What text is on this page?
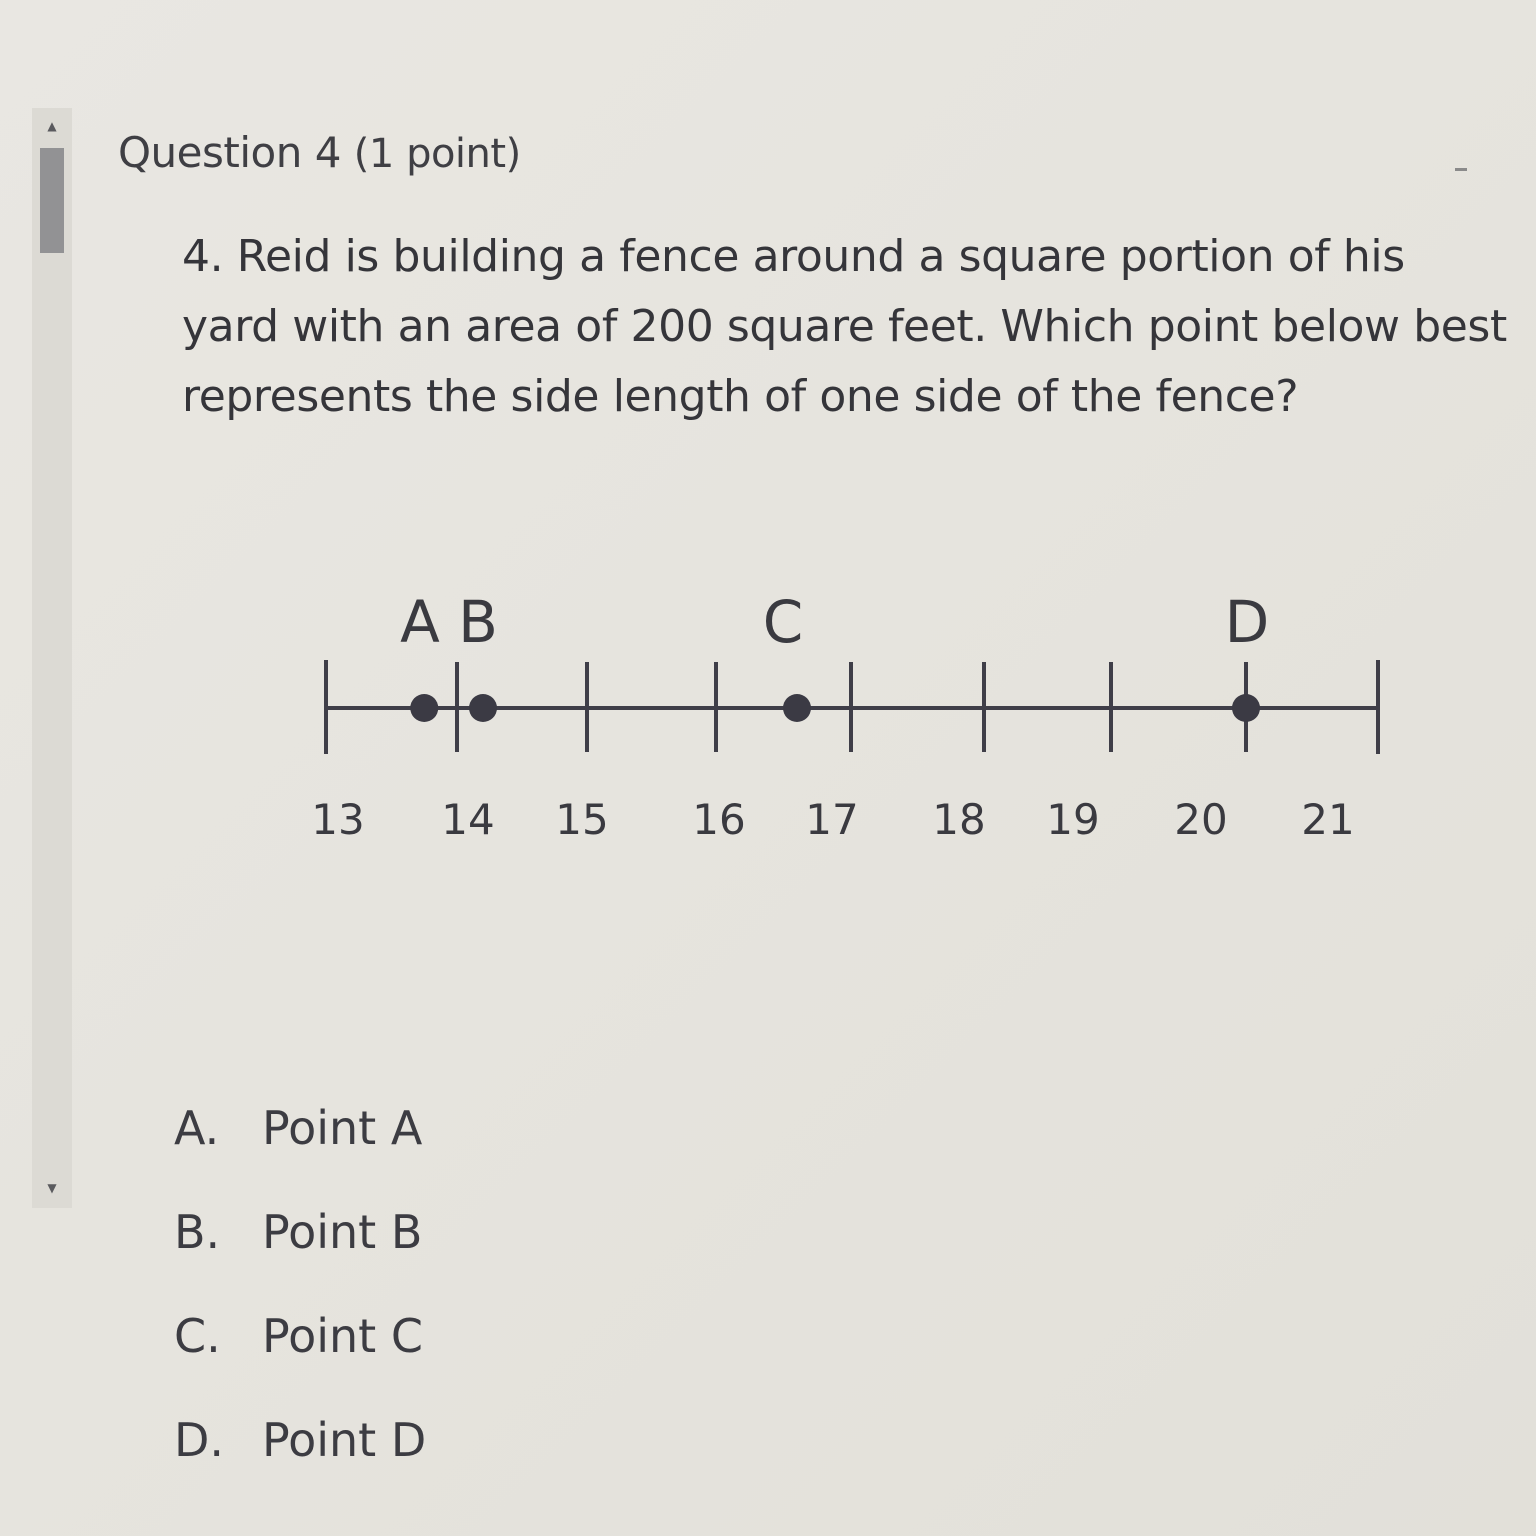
▲
▼
Question 4 (1 point)
4. Reid is building a fence around a square portion of his yard with an area of 200 square feet. Which point below best represents the side length of one side of the fence?
13 14 15 16 17 18 19 20 21
A B	C	D
A. Point A
B. Point B
C. Point C
D. Point D
